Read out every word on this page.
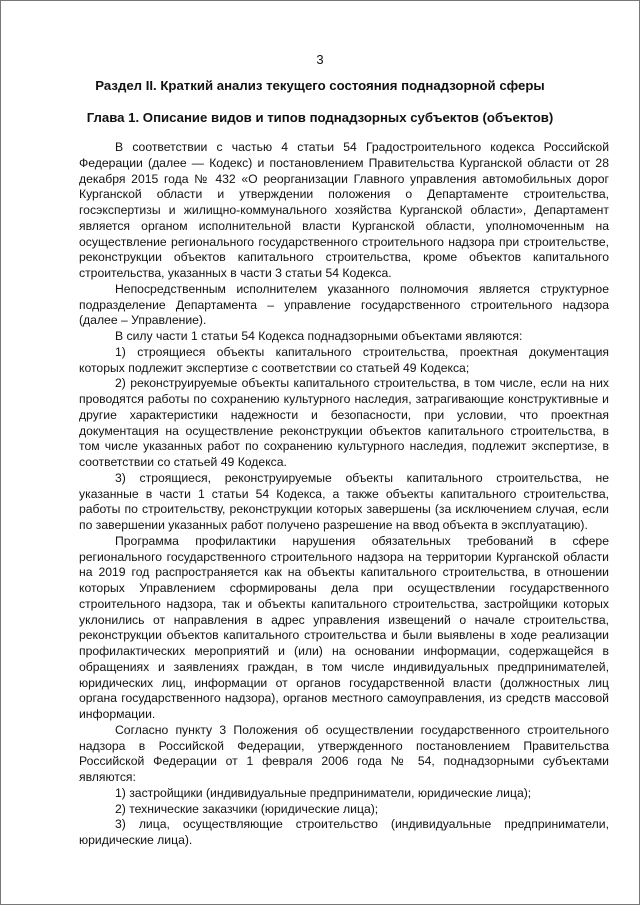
3
Раздел II. Краткий анализ текущего состояния поднадзорной сферы
Глава 1. Описание видов и типов поднадзорных субъектов (объектов)

В соответствии с частью 4 статьи 54 Градостроительного кодекса Российской Федерации (далее — Кодекс) и постановлением Правительства Курганской области от 28 декабря 2015 года № 432 «О реорганизации Главного управления автомобильных дорог Курганской области и утверждении положения о Департаменте строительства, госэкспертизы и жилищно-коммунального хозяйства Курганской области», Департамент является органом исполнительной власти Курганской области, уполномоченным на осуществление регионального государственного строительного надзора при строительстве, реконструкции объектов капитального строительства, кроме объектов капитального строительства, указанных в части 3 статьи 54 Кодекса.

Непосредственным исполнителем указанного полномочия является структурное подразделение Департамента – управление государственного строительного надзора (далее – Управление).

В силу части 1 статьи 54 Кодекса поднадзорными объектами являются:

1) строящиеся объекты капитального строительства, проектная документация которых подлежит экспертизе с соответствии со статьей 49 Кодекса;

2) реконструируемые объекты капитального строительства, в том числе, если на них проводятся работы по сохранению культурного наследия, затрагивающие конструктивные и другие характеристики надежности и безопасности, при условии, что проектная документация на осуществление реконструкции объектов капитального строительства, в том числе указанных работ по сохранению культурного наследия, подлежит экспертизе, в соответствии со статьей 49 Кодекса.

3) строящиеся, реконструируемые объекты капитального строительства, не указанные в части 1 статьи 54 Кодекса, а также объекты капитального строительства, работы по строительству, реконструкции которых завершены (за исключением случая, если по завершении указанных работ получено разрешение на ввод объекта в эксплуатацию).

Программа профилактики нарушения обязательных требований в сфере регионального государственного строительного надзора на территории Курганской области на 2019 год распространяется как на объекты капитального строительства, в отношении которых Управлением сформированы дела при осуществлении государственного строительного надзора, так и объекты капитального строительства, застройщики которых уклонились от направления в адрес управления извещений о начале строительства, реконструкции объектов капитального строительства и были выявлены в ходе реализации профилактических мероприятий и (или) на основании информации, содержащейся в обращениях и заявлениях граждан, в том числе индивидуальных предпринимателей, юридических лиц, информации от органов государственной власти (должностных лиц органа государственного надзора), органов местного самоуправления, из средств массовой информации.

Согласно пункту 3 Положения об осуществлении государственного строительного надзора в Российской Федерации, утвержденного постановлением Правительства Российской Федерации от 1 февраля 2006 года № 54, поднадзорными субъектами являются:

1) застройщики (индивидуальные предприниматели, юридические лица);

2) технические заказчики (юридические лица);

3) лица, осуществляющие строительство (индивидуальные предприниматели, юридические лица).
